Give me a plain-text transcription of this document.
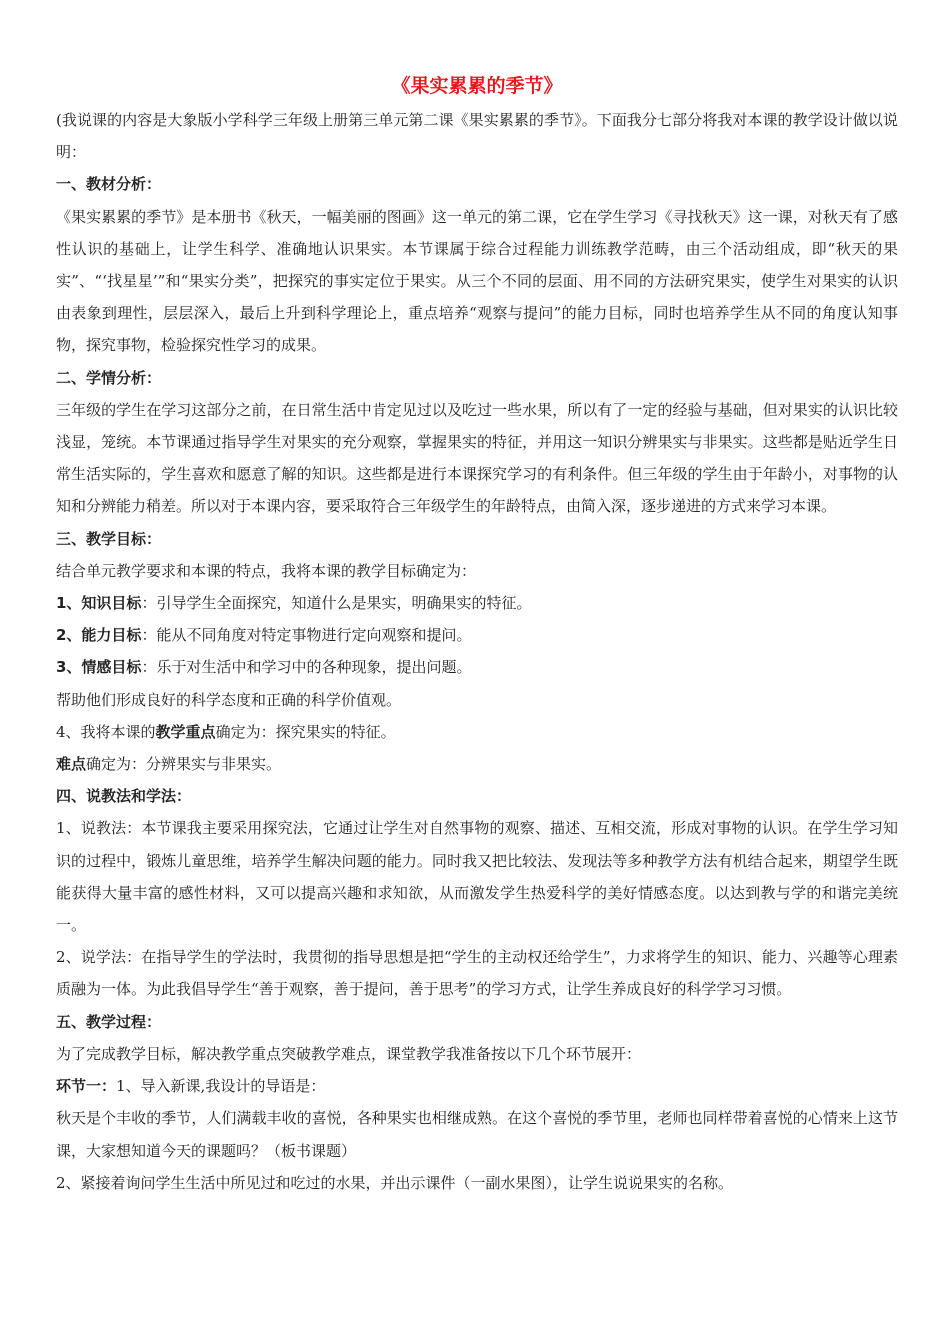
《果实累累的季节》

(我说课的内容是大象版小学科学三年级上册第三单元第二课《果实累累的季节》。下面我分七部分将我对本课的教学设计做以说明：

一、教材分析：

《果实累累的季节》是本册书《秋天，一幅美丽的图画》这一单元的第二课，它在学生学习《寻找秋天》这一课，对秋天有了感性认识的基础上，让学生科学、准确地认识果实。本节课属于综合过程能力训练教学范畴，由三个活动组成，即“秋天的果实”、“‘找星星’”和“果实分类”，把探究的事实定位于果实。从三个不同的层面、用不同的方法研究果实，使学生对果实的认识由表象到理性，层层深入，最后上升到科学理论上，重点培养“观察与提问”的能力目标，同时也培养学生从不同的角度认知事物，探究事物，检验探究性学习的成果。

二、学情分析：

三年级的学生在学习这部分之前，在日常生活中肯定见过以及吃过一些水果，所以有了一定的经验与基础，但对果实的认识比较浅显，笼统。本节课通过指导学生对果实的充分观察，掌握果实的特征，并用这一知识分辨果实与非果实。这些都是贴近学生日常生活实际的，学生喜欢和愿意了解的知识。这些都是进行本课探究学习的有利条件。但三年级的学生由于年龄小，对事物的认知和分辨能力稍差。所以对于本课内容，要采取符合三年级学生的年龄特点，由简入深，逐步递进的方式来学习本课。

三、教学目标：

结合单元教学要求和本课的特点，我将本课的教学目标确定为：

1、知识目标：引导学生全面探究，知道什么是果实，明确果实的特征。

2、能力目标：能从不同角度对特定事物进行定向观察和提问。

3、情感目标：乐于对生活中和学习中的各种现象，提出问题。

帮助他们形成良好的科学态度和正确的科学价值观。

4、我将本课的教学重点确定为：探究果实的特征。

难点确定为：分辨果实与非果实。

四、说教法和学法：

1、说教法：本节课我主要采用探究法，它通过让学生对自然事物的观察、描述、互相交流，形成对事物的认识。在学生学习知识的过程中，锻炼儿童思维，培养学生解决问题的能力。同时我又把比较法、发现法等多种教学方法有机结合起来，期望学生既能获得大量丰富的感性材料，又可以提高兴趣和求知欲，从而激发学生热爱科学的美好情感态度。以达到教与学的和谐完美统一。

2、说学法：在指导学生的学法时，我贯彻的指导思想是把“学生的主动权还给学生”，力求将学生的知识、能力、兴趣等心理素质融为一体。为此我倡导学生“善于观察，善于提问，善于思考”的学习方式，让学生养成良好的科学学习习惯。

五、教学过程：

为了完成教学目标，解决教学重点突破教学难点，课堂教学我准备按以下几个环节展开：

环节一：1、导入新课,我设计的导语是：

秋天是个丰收的季节，人们满载丰收的喜悦，各种果实也相继成熟。在这个喜悦的季节里，老师也同样带着喜悦的心情来上这节课，大家想知道今天的课题吗？（板书课题）

2、紧接着询问学生生活中所见过和吃过的水果，并出示课件（一副水果图），让学生说说果实的名称。
